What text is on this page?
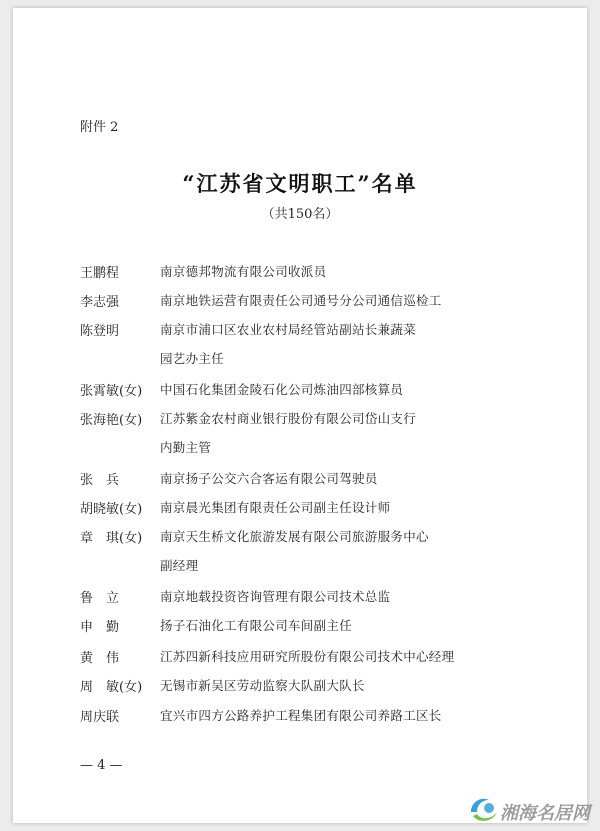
附件 2
“江苏省文明职工”名单
（共150名）
王鹏程	南京德邦物流有限公司收派员
李志强	南京地铁运营有限责任公司通号分公司通信巡检工
陈登明	南京市浦口区农业农村局经管站副站长兼蔬菜
园艺办主任
张霄敏(女)	中国石化集团金陵石化公司炼油四部核算员
张海艳(女)	江苏紫金农村商业银行股份有限公司岱山支行
内勤主管
张　兵	南京扬子公交六合客运有限公司驾驶员
胡晓敏(女)	南京晨光集团有限责任公司副主任设计师
章　琪(女)	南京天生桥文化旅游发展有限公司旅游服务中心
副经理
鲁　立	南京地载投资咨询管理有限公司技术总监
申　勤	扬子石油化工有限公司车间副主任
黄　伟	江苏四新科技应用研究所股份有限公司技术中心经理
周　敏(女)	无锡市新吴区劳动监察大队副大队长
周庆联	宜兴市四方公路养护工程集团有限公司养路工区长
— 4 —
湘海名居网
